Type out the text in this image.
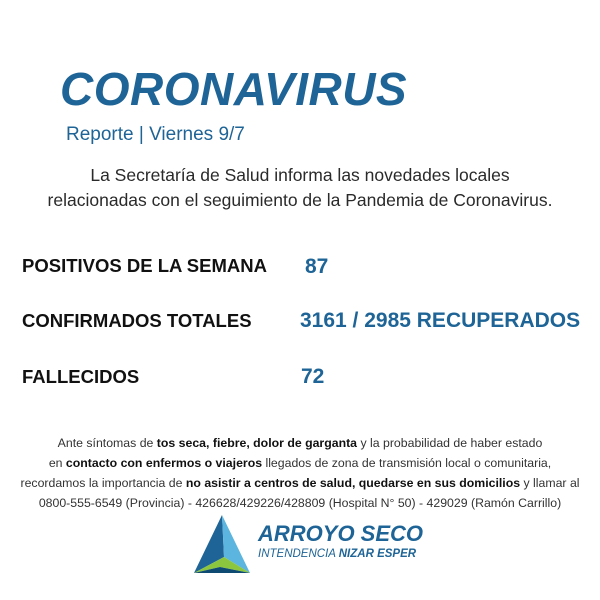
CORONAVIRUS
Reporte | Viernes 9/7
La Secretaría de Salud informa las novedades locales
relacionadas con el seguimiento de la Pandemia de Coronavirus.
POSITIVOS DE LA SEMANA 87
CONFIRMADOS TOTALES 3161 / 2985 RECUPERADOS
FALLECIDOS	72
Ante síntomas de tos seca, fiebre, dolor de garganta y la probabilidad de haber estado
en contacto con enfermos o viajeros llegados de zona de transmisión local o comunitaria,
recordamos la importancia de no asistir a centros de salud, quedarse en sus domicilios y llamar al
0800-555-6549 (Provincia) - 426628/429226/428809 (Hospital N° 50) - 429029 (Ramón Carrillo)
ARROYO SECO
INTENDENCIA NIZAR ESPER
